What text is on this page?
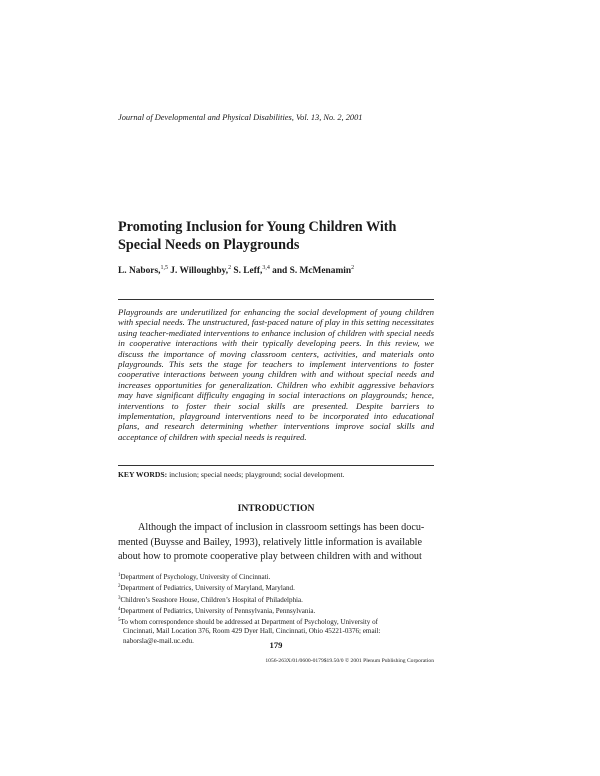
Journal of Developmental and Physical Disabilities, Vol. 13, No. 2, 2001
Promoting Inclusion for Young Children With
Special Needs on Playgrounds
L. Nabors,$^{1,5}$ J. Willoughby,$^2$ S. Leff,$^{3,4}$ and S. McMenamin$^2$
Playgrounds are underutilized for enhancing the social development of young children with special needs. The unstructured, fast-paced nature of play in this setting necessitates using teacher-mediated interventions to enhance inclusion of children with special needs in cooperative interactions with their typically developing peers. In this review, we discuss the importance of moving classroom centers, activities, and materials onto playgrounds. This sets the stage for teachers to implement interventions to foster cooperative interactions between young children with and without special needs and increases opportunities for generalization. Children who exhibit aggressive behaviors may have significant difficulty engaging in social interactions on playgrounds; hence, interventions to foster their social skills are presented. Despite barriers to implementation, playground interventions need to be incorporated into educational plans, and research determining whether interventions improve social skills and acceptance of children with special needs is required.
KEY WORDS: inclusion; special needs; playground; social development.
INTRODUCTION
Although the impact of inclusion in classroom settings has been docu-
mented (Buysse and Bailey, 1993), relatively little information is available
about how to promote cooperative play between children with and without
$^1$Department of Psychology, University of Cincinnati.
$^2$Department of Pediatrics, University of Maryland, Maryland.
$^3$Children’s Seashore House, Children’s Hospital of Philadelphia.
$^4$Department of Pediatrics, University of Pennsylvania, Pennsylvania.
$^5$To whom correspondence should be addressed at Department of Psychology, University of
Cincinnati, Mail Location 376, Room 429 Dyer Hall, Cincinnati, Ohio 45221-0376; email:
naborsla@e-mail.uc.edu.	179
1056-263X/01/0600-0179$19.50/0 © 2001 Plenum Publishing Corporation
